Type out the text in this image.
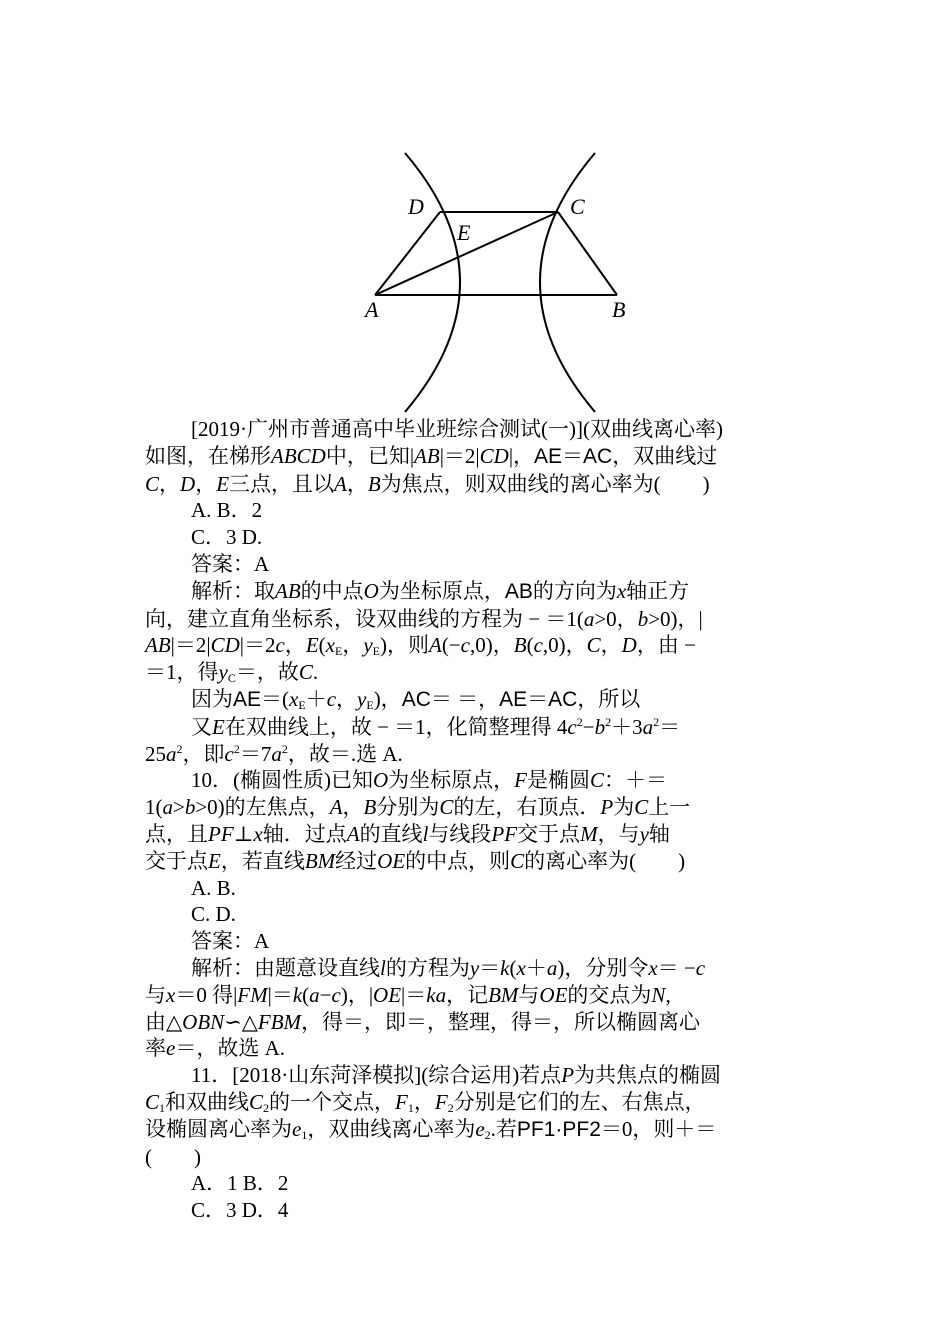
A	B
C
D
E
[2019·广州市普通高中毕业班综合测试(一)](双曲线离心率)
如图，在梯形ABCD中，已知|AB|＝2|CD|，AE＝AC，双曲线过
C，D，E三点，且以A，B为焦点，则双曲线的离心率为(　　)
A. B．2
C．3 D.
答案：A
解析：取AB的中点O为坐标原点，AB的方向为x轴正方
向，建立直角坐标系，设双曲线的方程为 − ＝1(a>0，b>0)，|
AB|＝2|CD|＝2c，$E(x_E$，$y_E$)，则A(−c,0)，B(c,0)，C，D，由 −
＝1，得$y_C=$，故C.
因为$AE=(x_E+c$，$y_E$)，AC＝ ＝，AE＝AC，所以
又E在双曲线上，故 − ＝1，化简整理得 $4c^2-b^2+3a^2=$
$25a^2$，即$c^2=7a^2$，故＝.选 A.
10．(椭圆性质)已知O为坐标原点，F是椭圆C：＋＝
1(a>b>0)的左焦点，A，B分别为C的左，右顶点．P为C上一
点，且PF⊥x轴．过点A的直线l与线段PF交于点M，与y轴
交于点E，若直线BM经过OE的中点，则C的离心率为(　　)
A. B.
C. D.
答案：A
解析：由题意设直线l的方程为y＝k(x＋a)，分别令x＝ −c
与x＝0 得|FM|＝k(a−c)，|OE|＝ka，记BM与OE的交点为N,
由△OBN∽△FBM，得＝，即＝，整理，得＝，所以椭圆离心
率e＝，故选 A.
11．[2018·山东菏泽模拟](综合运用)若点P为共焦点的椭圆
$C_1$和双曲线$C_2$的一个交点，$F_1$，$F_2$分别是它们的左、右焦点，
设椭圆离心率为$e_1$，双曲线离心率为$e_2$.若PF1·PF2＝0，则＋＝
(　　)
A．1 B．2
C．3 D．4
